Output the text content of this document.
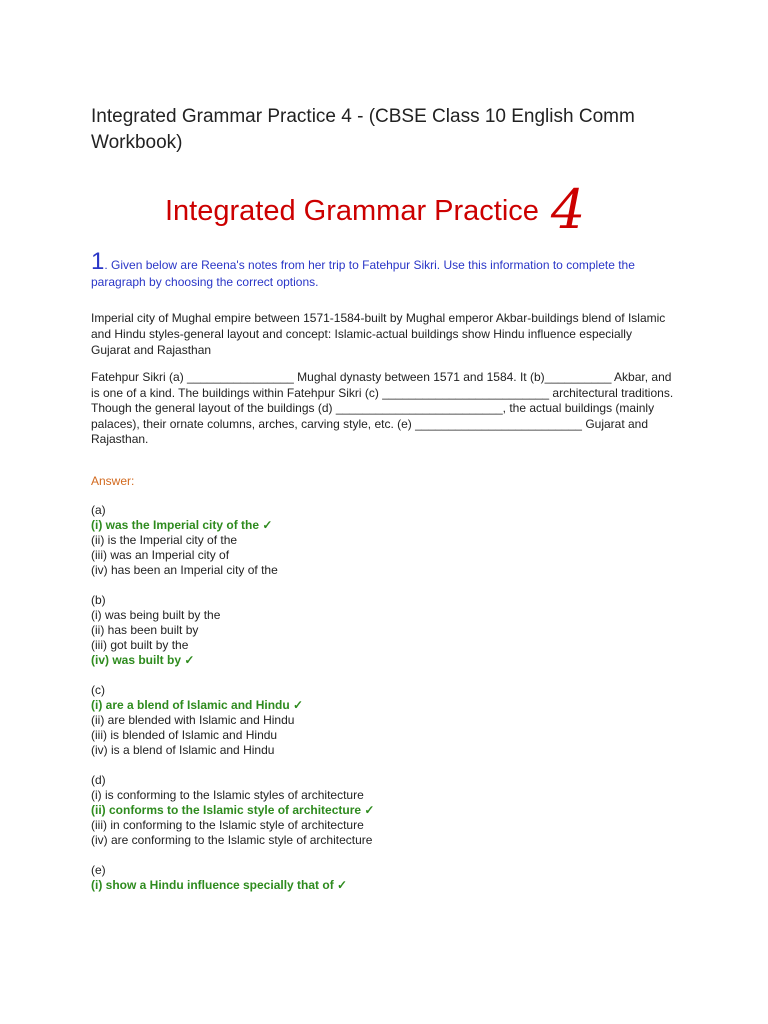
Integrated Grammar Practice 4 - (CBSE Class 10 English Comm Workbook)
Integrated Grammar Practice 4

1. Given below are Reena's notes from her trip to Fatehpur Sikri. Use this information to complete the paragraph by choosing the correct options.

Imperial city of Mughal empire between 1571-1584-built by Mughal emperor Akbar-buildings blend of Islamic and Hindu styles-general layout and concept: Islamic-actual buildings show Hindu influence especially Gujarat and Rajasthan

Fatehpur Sikri (a) ________________ Mughal dynasty between 1571 and 1584. It (b)__________ Akbar, and is one of a kind. The buildings within Fatehpur Sikri (c) _________________________ architectural traditions.

Though the general layout of the buildings (d) _________________________, the actual buildings (mainly palaces), their ornate columns, arches, carving style, etc. (e) _________________________ Gujarat and Rajasthan.

Answer:

(a)
(i) was the Imperial city of the ✓
(ii) is the Imperial city of the
(iii) was an Imperial city of
(iv) has been an Imperial city of the
(b)
(i) was being built by the
(ii) has been built by
(iii) got built by the
(iv) was built by ✓
(c)
(i) are a blend of Islamic and Hindu ✓
(ii) are blended with Islamic and Hindu
(iii) is blended of Islamic and Hindu
(iv) is a blend of Islamic and Hindu
(d)
(i) is conforming to the Islamic styles of architecture
(ii) conforms to the Islamic style of architecture ✓
(iii) in conforming to the Islamic style of architecture
(iv) are conforming to the Islamic style of architecture
(e)
(i) show a Hindu influence specially that of ✓
